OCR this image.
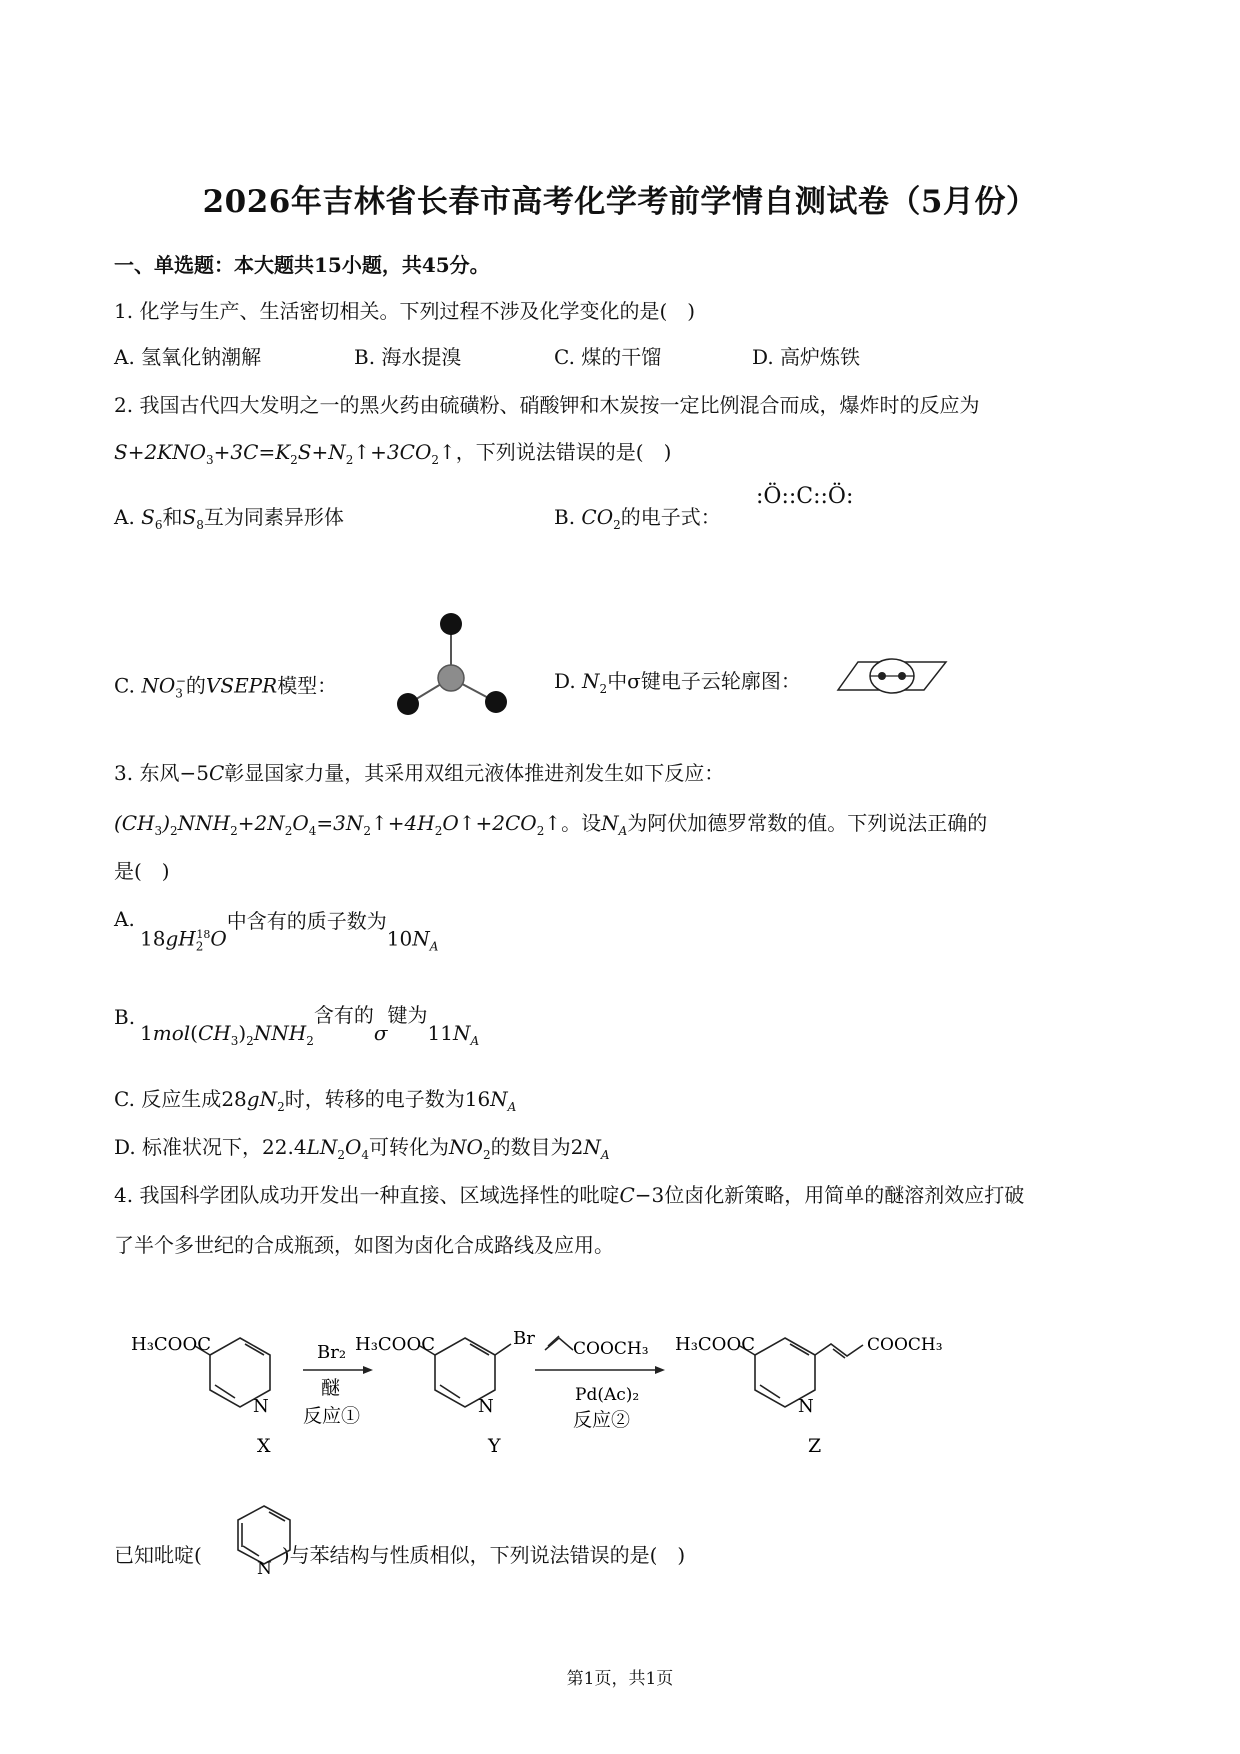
2026年吉林省长春市高考化学考前学情自测试卷（5月份）
一、单选题：本大题共15小题，共45分。
1. 化学与生产、生活密切相关。下列过程不涉及化学变化的是(　)
A. 氢氧化钠潮解	B. 海水提溴	C. 煤的干馏	D. 高炉炼铁
2. 我国古代四大发明之一的黑火药由硫磺粉、硝酸钾和木炭按一定比例混合而成，爆炸时的反应为
$S+2KNO_3+3C=K_2S+N_2↑+3CO_2↑$，下列说法错误的是(　)
A. $S_6$和$S_8$互为同素异形体	B. $CO_2$的电子式：
:Ö::C::Ö:
C. $NO_3^-$的VSEPR模型：	D. $N_2$中σ键电子云轮廓图：
3. 东风−5C彰显国家力量，其采用双组元液体推进剂发生如下反应：
$(CH_3)_2NNH_2+2N_2O_4=3N_2↑+4H_2O↑+2CO_2↑$。设$N_A$为阿伏加德罗常数的值。下列说法正确的
是(　)
A.
$18gH_2^{18}O$中含有的质子数为$10N_A$
B.
$1mol(CH_3)_2NNH_2$含有的σ键为$11N_A$
C. 反应生成$28gN_2$时，转移的电子数为$16N_A$
D. 标准状况下，$22.4LN_2O_4$可转化为$NO_2$的数目为$2N_A$
4. 我国科学团队成功开发出一种直接、区域选择性的吡啶C−3位卤化新策略，用简单的醚溶剂效应打破
了半个多世纪的合成瓶颈，如图为卤化合成路线及应用。
H₃COOC
N
X
Br₂
醚
反应①
H₃COOC	Br
N
Y
COOCH₃
Pd(Ac)₂
反应②
H₃COOC	COOCH₃
N
Z
已知吡啶(	)与苯结构与性质相似，下列说法错误的是(　)
N
第1页，共1页
